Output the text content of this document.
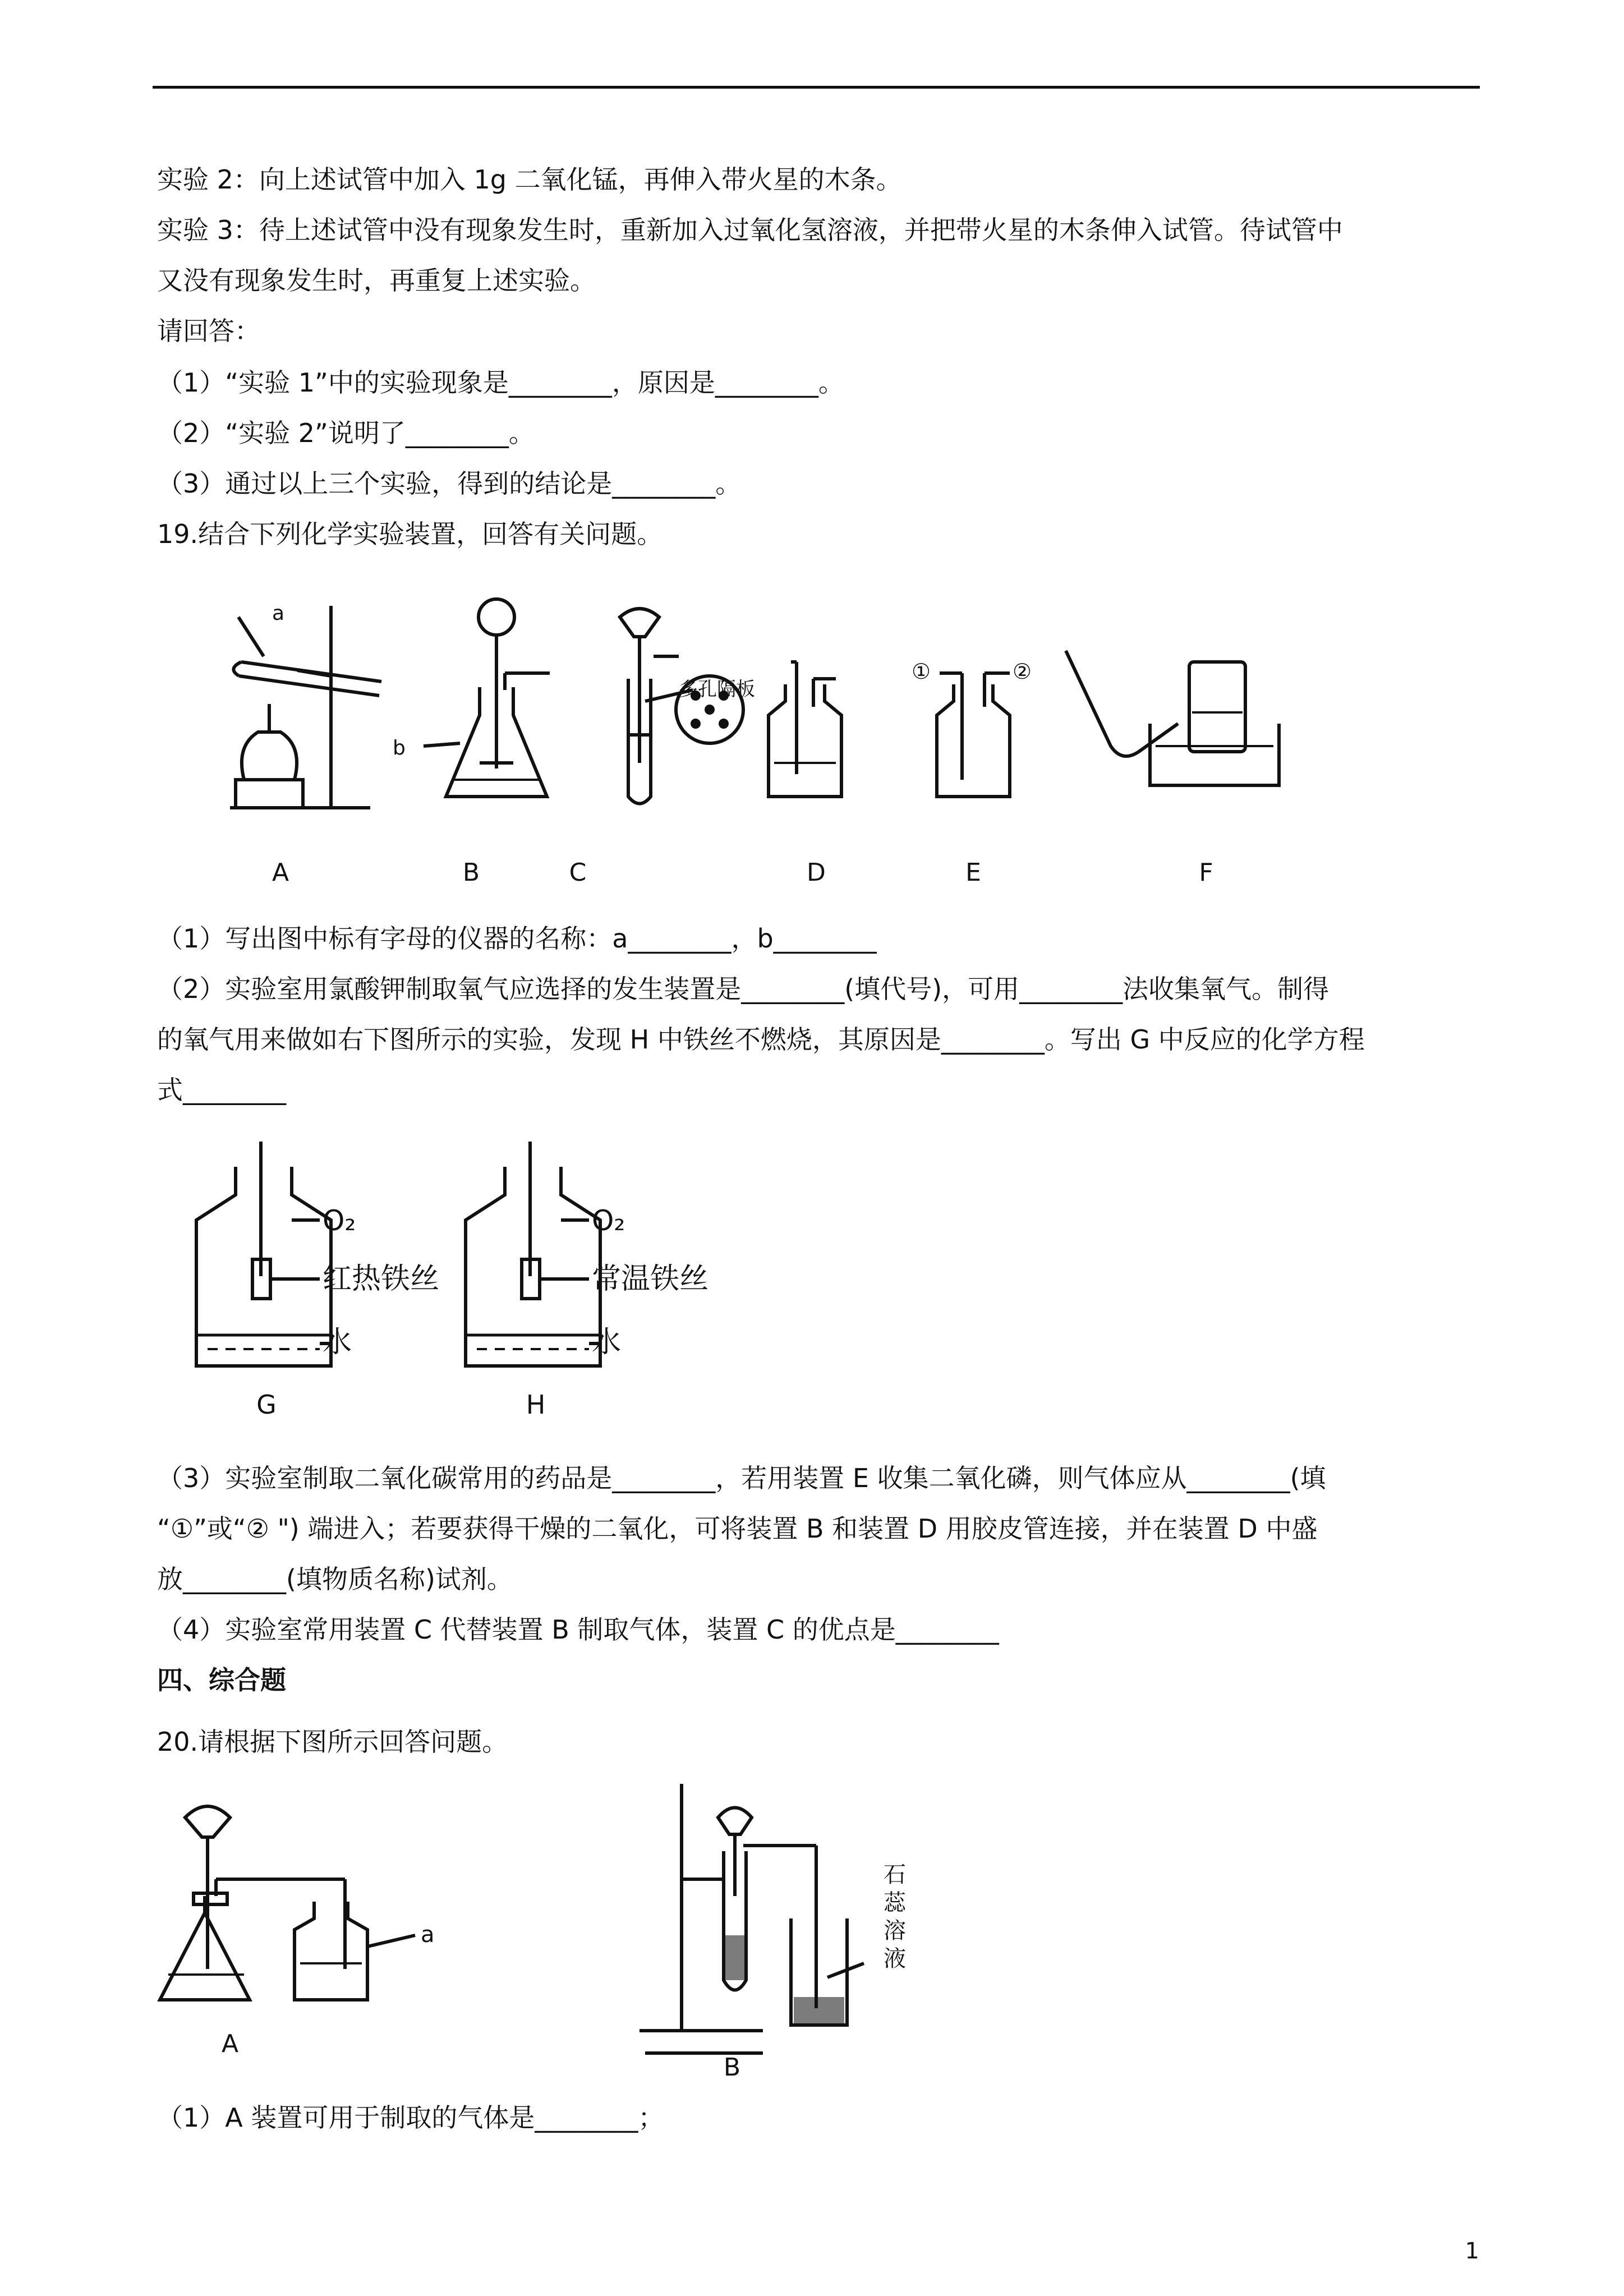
实验 2：向上述试管中加入 1g 二氧化锰，再伸入带火星的木条。
实验 3：待上述试管中没有现象发生时，重新加入过氧化氢溶液，并把带火星的木条伸入试管。待试管中
又没有现象发生时，再重复上述实验。
请回答：
（1）“实验 1”中的实验现象是________，原因是________。
（2）“实验 2”说明了________。
（3）通过以上三个实验，得到的结论是________。
19.结合下列化学实验装置，回答有关问题。
A	B	C	D	E	F
a
b
多孔隔板
①	②
（1）写出图中标有字母的仪器的名称：a________，b________
（2）实验室用氯酸钾制取氧气应选择的发生装置是________(填代号)，可用________法收集氧气。制得
的氧气用来做如右下图所示的实验，发现 H 中铁丝不燃烧，其原因是________。写出 G 中反应的化学方程
式________
G	H
O₂
红热铁丝
水
O₂
常温铁丝
水
（3）实验室制取二氧化碳常用的药品是________，若用装置 E 收集二氧化磷，则气体应从________(填
“①”或“② ") 端进入；若要获得干燥的二氧化，可将装置 B 和装置 D 用胶皮管连接，并在装置 D 中盛
放________(填物质名称)试剂。
（4）实验室常用装置 C 代替装置 B 制取气体，装置 C 的优点是________
四、综合题
20.请根据下图所示回答问题。
A
B
a
石
蕊
溶
液
（1）A 装置可用于制取的气体是________；
1
